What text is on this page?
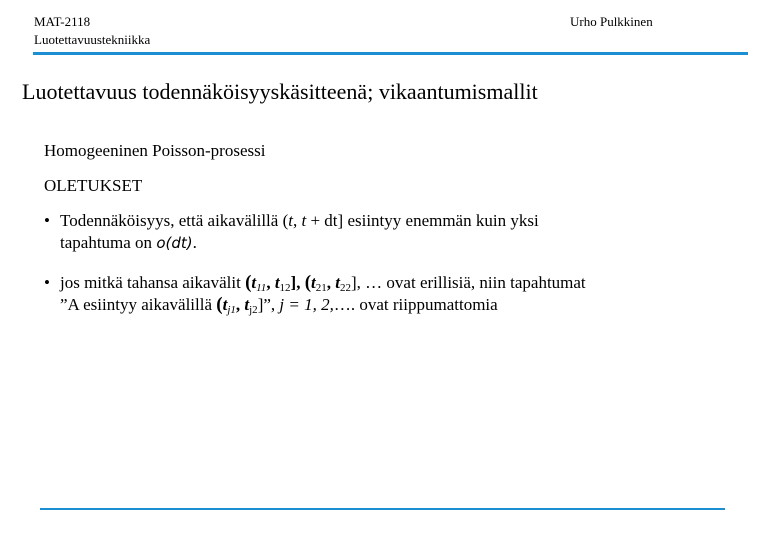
MAT-2118
Luotettavuustekniikka
Urho Pulkkinen
Luotettavuus todennäköisyyskäsitteenä; vikaantumismallit
Homogeeninen Poisson-prosessi
OLETUKSET
• Todennäköisyys, että aikavälillä (t, t + dt] esiintyy enemmän kuin yksi
tapahtuma on o(dt).
• jos mitkä tahansa aikavälit ($t_{11}$, $t_{12}$], ($t_{21}$, $t_{22}$], … ovat erillisiä, niin tapahtumat
”A esiintyy aikavälillä ($t_{j1}$, $t_{j2}$]”, j = 1, 2,…. ovat riippumattomia
